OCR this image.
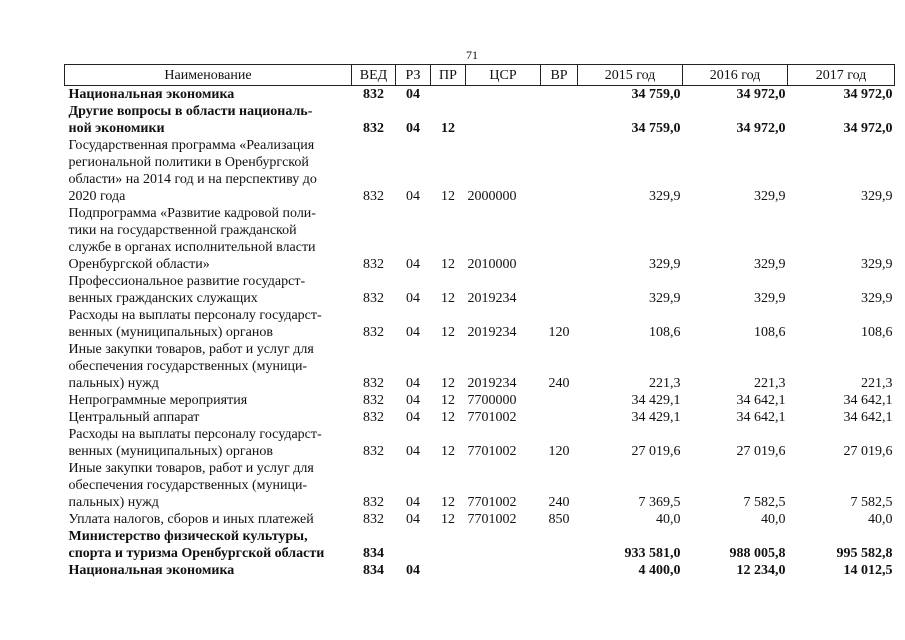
71
Наименование	ВЕД	РЗ	ПР	ЦСР	ВР	2015 год	2016 год	2017 год
Национальная экономика	832	04				34 759,0	34 972,0	34 972,0
Другие вопросы в области националь-
ной экономики	832	04	12			34 759,0	34 972,0	34 972,0
Государственная программа «Реализация
региональной политики в Оренбургской
области» на 2014 год и на перспективу до
2020 года	832	04	12	2000000		329,9	329,9	329,9
Подпрограмма «Развитие кадровой поли-
тики на государственной гражданской
службе в органах исполнительной власти
Оренбургской области»	832	04	12	2010000		329,9	329,9	329,9
Профессиональное развитие государст-
венных гражданских служащих	832	04	12	2019234		329,9	329,9	329,9
Расходы на выплаты персоналу государст-
венных (муниципальных) органов	832	04	12	2019234	120	108,6	108,6	108,6
Иные закупки товаров, работ и услуг для
обеспечения государственных (муници-
пальных) нужд	832	04	12	2019234	240	221,3	221,3	221,3
Непрограммные мероприятия	832	04	12	7700000		34 429,1	34 642,1	34 642,1
Центральный аппарат	832	04	12	7701002		34 429,1	34 642,1	34 642,1
Расходы на выплаты персоналу государст-
венных (муниципальных) органов	832	04	12	7701002	120	27 019,6	27 019,6	27 019,6
Иные закупки товаров, работ и услуг для
обеспечения государственных (муници-
пальных) нужд	832	04	12	7701002	240	7 369,5	7 582,5	7 582,5
Уплата налогов, сборов и иных платежей	832	04	12	7701002	850	40,0	40,0	40,0
Министерство физической культуры,
спорта и туризма Оренбургской области	834					933 581,0	988 005,8	995 582,8
Национальная экономика	834	04				4 400,0	12 234,0	14 012,5
